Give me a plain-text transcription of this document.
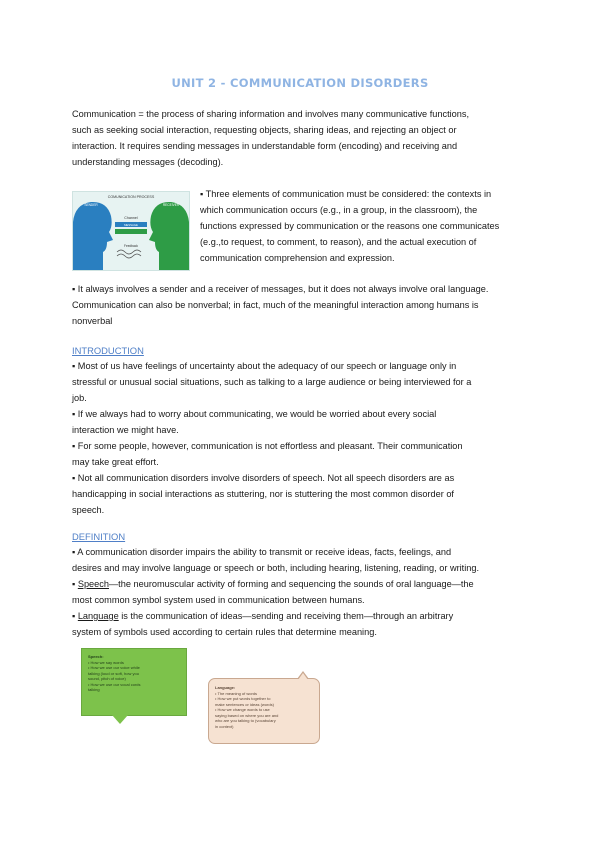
UNIT 2 - COMMUNICATION DISORDERS
Communication = the process of sharing information and involves many communicative functions,
such as seeking social interaction, requesting objects, sharing ideas, and rejecting an object or
interaction. It requires sending messages in understandable form (encoding) and receiving and
understanding messages (decoding).
COMUNICATION PROCESS
SENDER	RECEIVER
Channel
MESSAGE
Feedback
▪ Three elements of communication must be considered: the contexts in
which communication occurs (e.g., in a group, in the classroom), the
functions expressed by communication or the reasons one communicates
(e.g.,to request, to comment, to reason), and the actual execution of
communication comprehension and expression.
▪ It always involves a sender and a receiver of messages, but it does not always involve oral language.
Communication can also be nonverbal; in fact, much of the meaningful interaction among humans is
nonverbal
INTRODUCTION
▪ Most of us have feelings of uncertainty about the adequacy of our speech or language only in
stressful or unusual social situations, such as talking to a large audience or being interviewed for a
job.
▪ If we always had to worry about communicating, we would be worried about every social
interaction we might have.
▪ For some people, however, communication is not effortless and pleasant. Their communication
may take great effort.
▪ Not all communication disorders involve disorders of speech. Not all speech disorders are as
handicapping in social interactions as stuttering, nor is stuttering the most common disorder of
speech.
DEFINITION
▪ A communication disorder impairs the ability to transmit or receive ideas, facts, feelings, and
desires and may involve language or speech or both, including hearing, listening, reading, or writing.
▪ Speech—the neuromuscular activity of forming and sequencing the sounds of oral language—the
most common symbol system used in communication between humans.
▪ Language is the communication of ideas—sending and receiving them—through an arbitrary
system of symbols used according to certain rules that determine meaning.
Speech:
• How we say words
• How we use our voice while
talking (loud or soft, how you
sound, pitch of voice)
• How we use our vocal cords
talking	Language:
• The meaning of words
• How we put words together to
make sentences or ideas (words)
• How we change words to use
saying based on where you are and
who are you talking to (vocabulary
in context)
